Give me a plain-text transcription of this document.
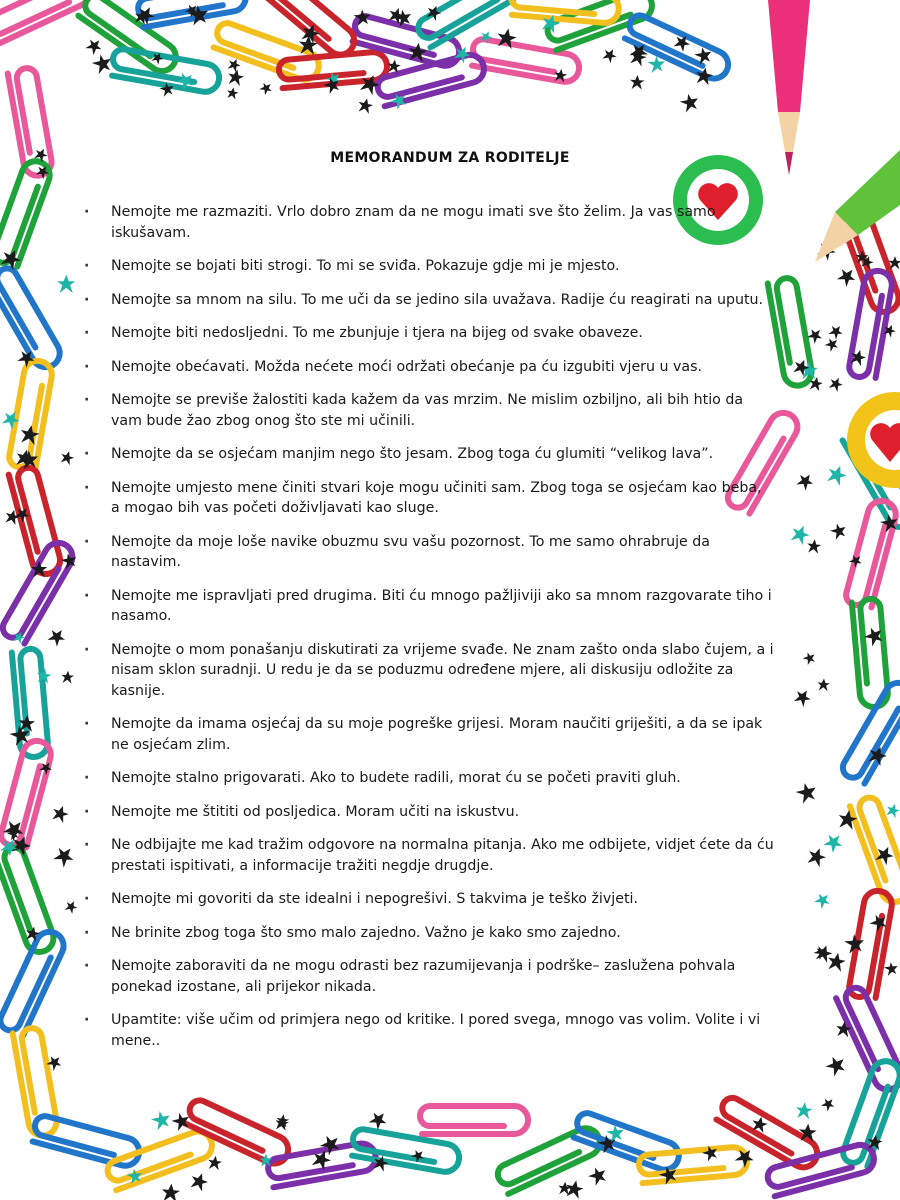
MEMORANDUM ZA RODITELJE
· Nemojte me razmaziti. Vrlo dobro znam da ne mogu imati sve što želim. Ja vas samo iskušavam.
· Nemojte se bojati biti strogi. To mi se sviđa. Pokazuje gdje mi je mjesto.
· Nemojte sa mnom na silu. To me uči da se jedino sila uvažava. Radije ću reagirati na uputu.
· Nemojte biti nedosljedni. To me zbunjuje i tjera na bijeg od svake obaveze.
· Nemojte obećavati. Možda nećete moći održati obećanje pa ću izgubiti vjeru u vas.
· Nemojte se previše žalostiti kada kažem da vas mrzim. Ne mislim ozbiljno, ali bih htio da vam bude žao zbog onog što ste mi učinili.
· Nemojte da se osjećam manjim nego što jesam. Zbog toga ću glumiti “velikog lava”.
· Nemojte umjesto mene činiti stvari koje mogu učiniti sam. Zbog toga se osjećam kao beba, a mogao bih vas početi doživljavati kao sluge.
· Nemojte da moje loše navike obuzmu svu vašu pozornost. To me samo ohrabruje da nastavim.
· Nemojte me ispravljati pred drugima. Biti ću mnogo pažljiviji ako sa mnom razgovarate tiho i nasamo.
· Nemojte o mom ponašanju diskutirati za vrijeme svađe. Ne znam zašto onda slabo čujem, a i nisam sklon suradnji. U redu je da se poduzmu određene mjere, ali diskusiju odložite za kasnije.
· Nemojte da imama osjećaj da su moje pogreške grijesi. Moram naučiti griješiti, a da se ipak ne osjećam zlim.
· Nemojte stalno prigovarati. Ako to budete radili, morat ću se početi praviti gluh.
· Nemojte me štititi od posljedica. Moram učiti na iskustvu.
· Ne odbijajte me kad tražim odgovore na normalna pitanja. Ako me odbijete, vidjet ćete da ću prestati ispitivati, a informacije tražiti negdje drugdje.
· Nemojte mi govoriti da ste idealni i nepogrešivi. S takvima je teško živjeti.
· Ne brinite zbog toga što smo malo zajedno. Važno je kako smo zajedno.
· Nemojte zaboraviti da ne mogu odrasti bez razumijevanja i podrške– zaslužena pohvala ponekad izostane, ali prijekor nikada.
· Upamtite: više učim od primjera nego od kritike. I pored svega, mnogo vas volim. Volite i vi mene..
